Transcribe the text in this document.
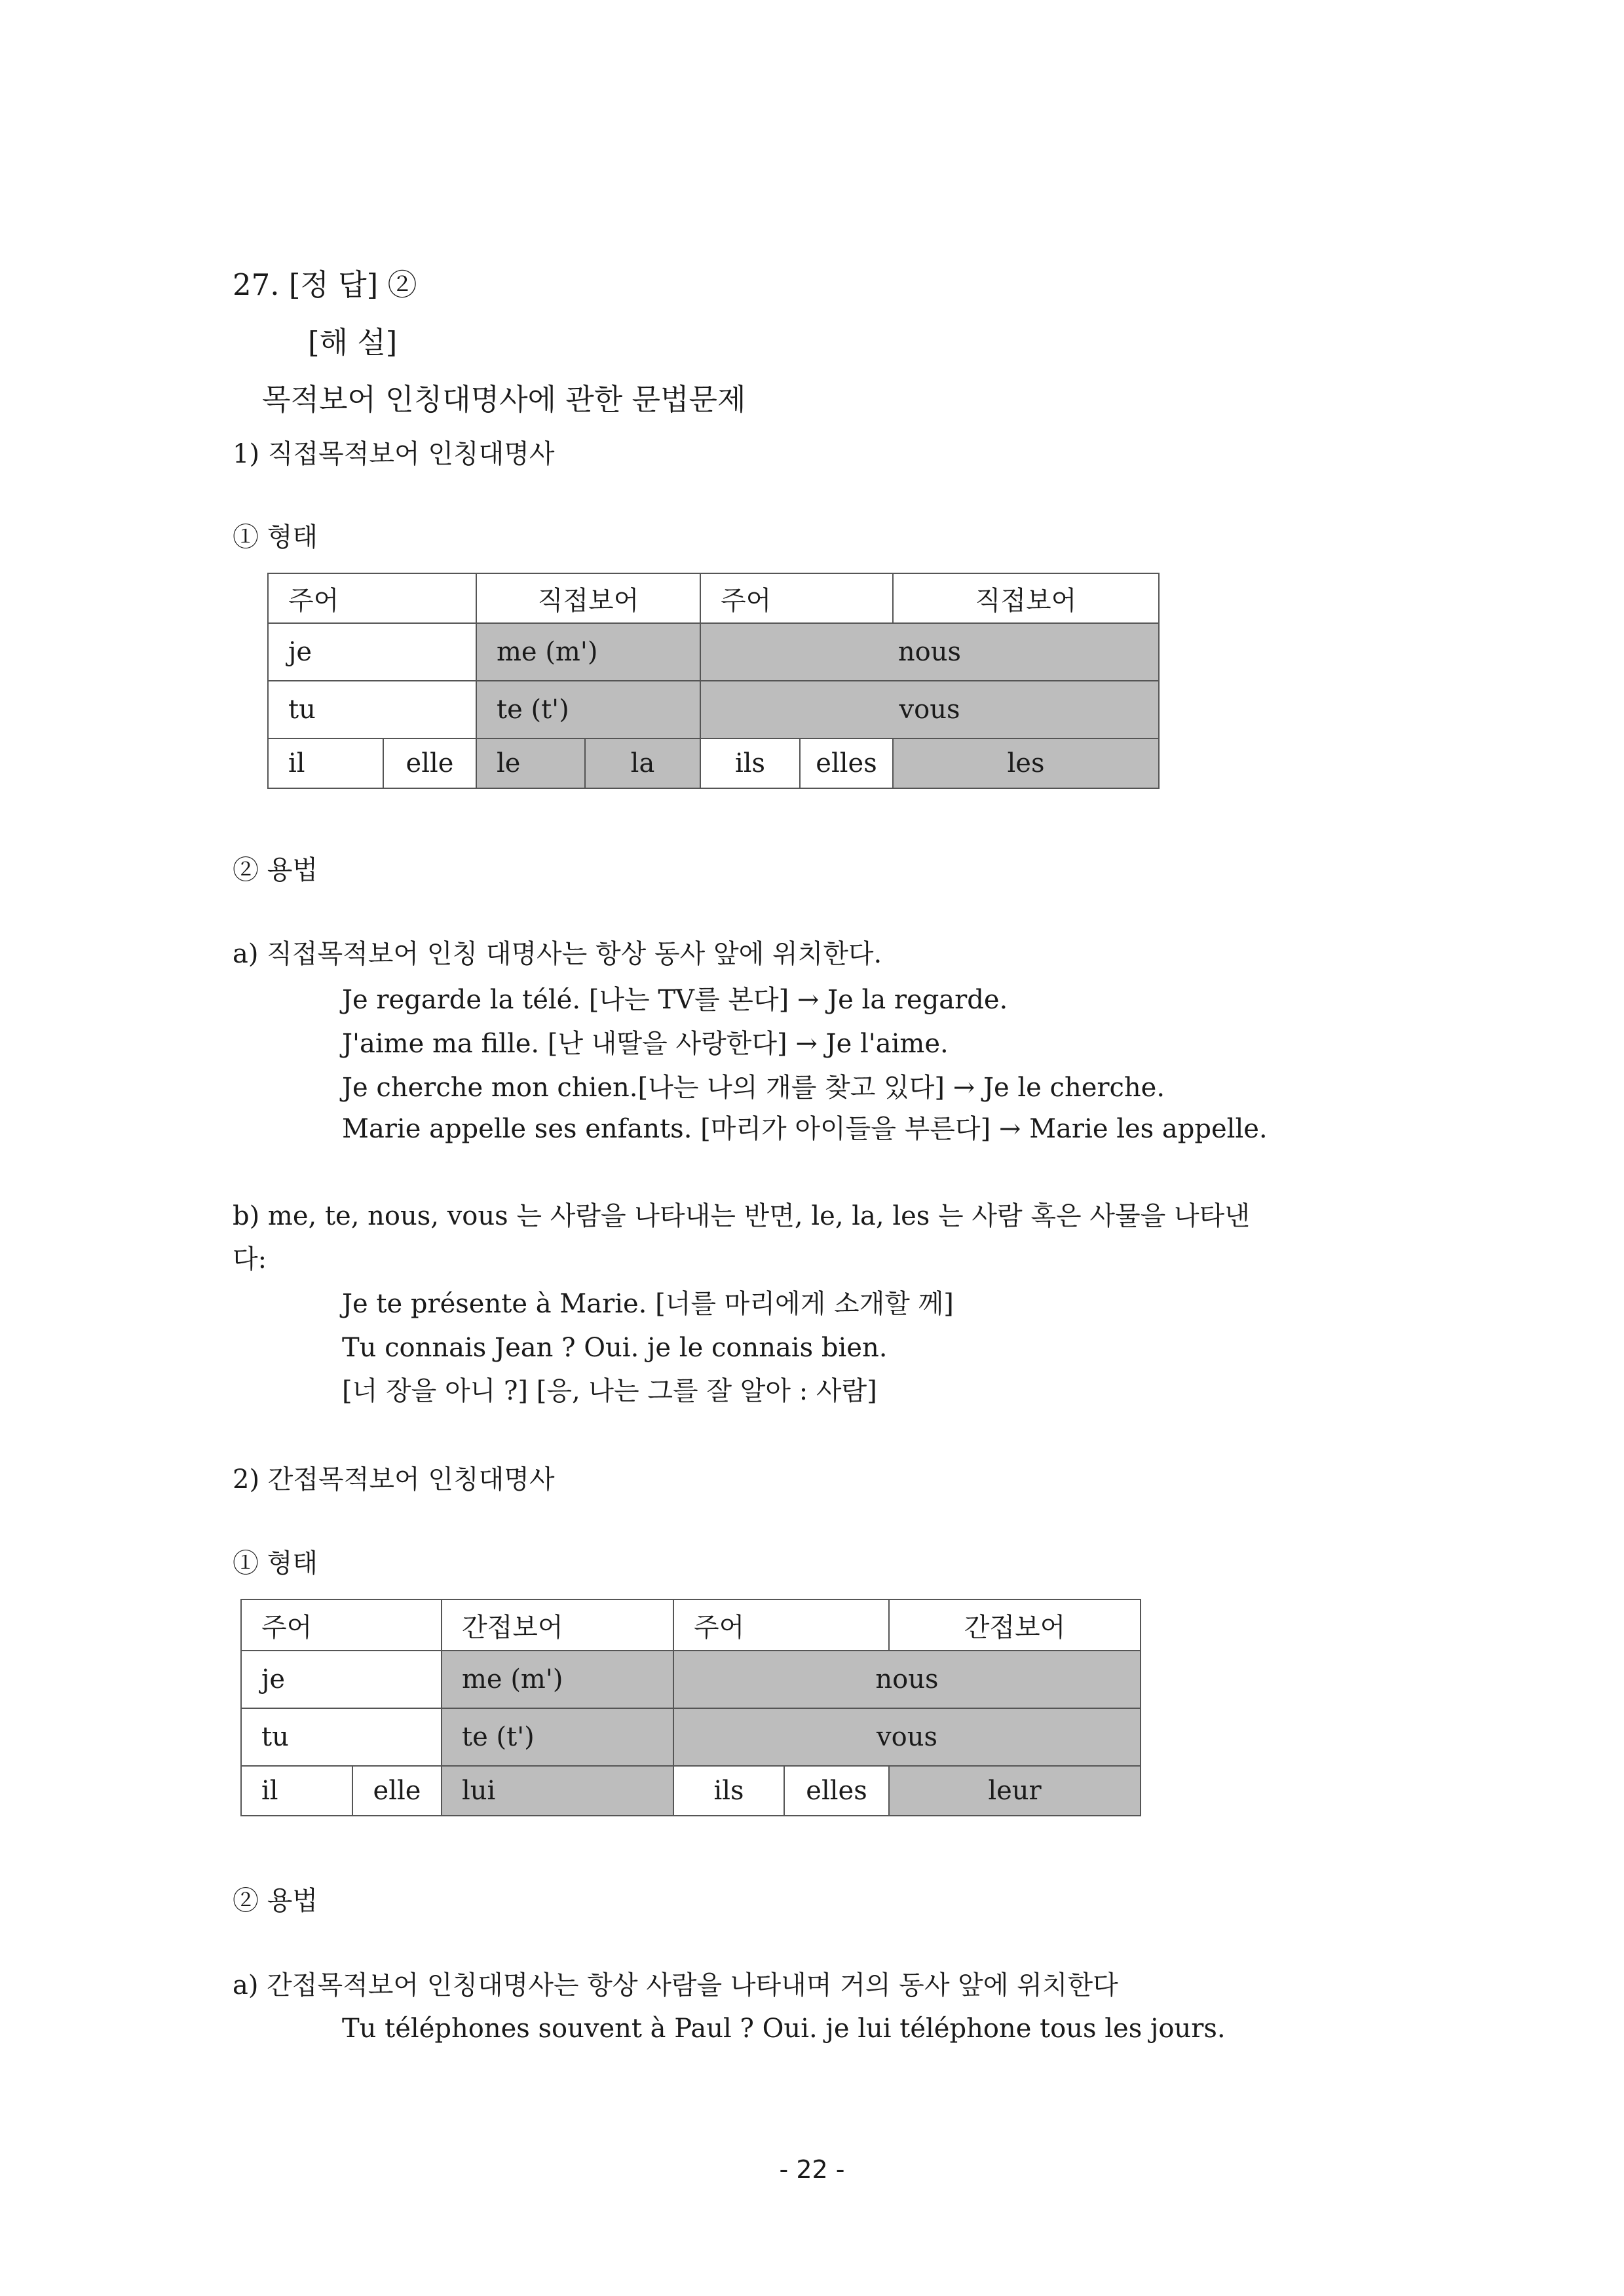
27. [정 답] ②
[해 설]
목적보어 인칭대명사에 관한 문법문제
1) 직접목적보어 인칭대명사
① 형태
주어		직접보어		주어		직접보어
je		me (m')		nous		
tu		te (t')		vous		
il	elle	le	la	ils	elles	les
② 용법
a) 직접목적보어 인칭 대명사는 항상 동사 앞에 위치한다.
Je regarde la télé. [나는 TV를 본다] → Je la regarde.
J'aime ma fille. [난 내딸을 사랑한다] → Je l'aime.
Je cherche mon chien.[나는 나의 개를 찾고 있다] → Je le cherche.
Marie appelle ses enfants. [마리가 아이들을 부른다] → Marie les appelle.
b) me, te, nous, vous 는 사람을 나타내는 반면, le, la, les 는 사람 혹은 사물을 나타낸
다:
Je te présente à Marie. [너를 마리에게 소개할 께]
Tu connais Jean ? Oui. je le connais bien.
[너 장을 아니 ?] [응, 나는 그를 잘 알아 : 사람]
2) 간접목적보어 인칭대명사
① 형태
주어		간접보어	주어		간접보어
je		me (m')	nous		
tu		te (t')	vous		
il	elle	lui	ils	elles	leur
② 용법
a) 간접목적보어 인칭대명사는 항상 사람을 나타내며 거의 동사 앞에 위치한다
Tu téléphones souvent à Paul ? Oui. je lui téléphone tous les jours.
- 22 -
